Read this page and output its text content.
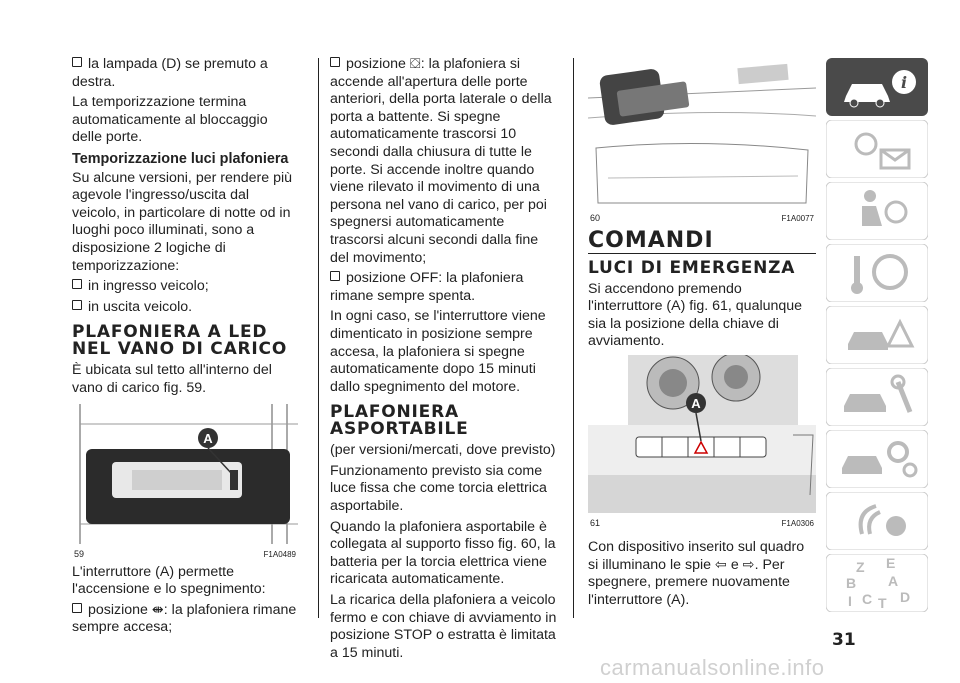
la lampada (D) se premuto a destra.

La temporizzazione termina automaticamente al bloccaggio delle porte.

Temporizzazione luci plafoniera

Su alcune versioni, per rendere più agevole l'ingresso/uscita dal veicolo, in particolare di notte od in luoghi poco illuminati, sono a disposizione 2 logiche di temporizzazione:

in ingresso veicolo;

in uscita veicolo.

PLAFONIERA A LED NEL VANO DI CARICO

È ubicata sul tetto all'interno del vano di carico fig. 59.

A
59	F1A0489

L'interruttore (A) permette l'accensione e lo spegnimento:

posizione ⇼: la plafoniera rimane sempre accesa;

posizione ⛋: la plafoniera si accende all'apertura delle porte anteriori, della porta laterale o della porta a battente. Si spegne automaticamente trascorsi 10 secondi dalla chiusura di tutte le porte. Si accende inoltre quando viene rilevato il movimento di una persona nel vano di carico, per poi spegnersi automaticamente trascorsi alcuni secondi dalla fine del movimento;

posizione OFF: la plafoniera rimane sempre spenta.

In ogni caso, se l'interruttore viene dimenticato in posizione sempre accesa, la plafoniera si spegne automaticamente dopo 15 minuti dallo spegnimento del motore.

PLAFONIERA ASPORTABILE

(per versioni/mercati, dove previsto)

Funzionamento previsto sia come luce fissa che come torcia elettrica asportabile.

Quando la plafoniera asportabile è collegata al supporto fisso fig. 60, la batteria per la torcia elettrica viene ricaricata automaticamente.

La ricarica della plafoniera a veicolo fermo e con chiave di avviamento in posizione STOP o estratta è limitata a 15 minuti.

60	F1A0077
COMANDI
LUCI DI EMERGENZA

Si accendono premendo l'interruttore (A) fig. 61, qualunque sia la posizione della chiave di avviamento.

A
61	F1A0306

Con dispositivo inserito sul quadro si illuminano le spie ⇦ e ⇨. Per spegnere, premere nuovamente l'interruttore (A).

i
Z E
B A
I C T D
31
carmanualsonline.info
